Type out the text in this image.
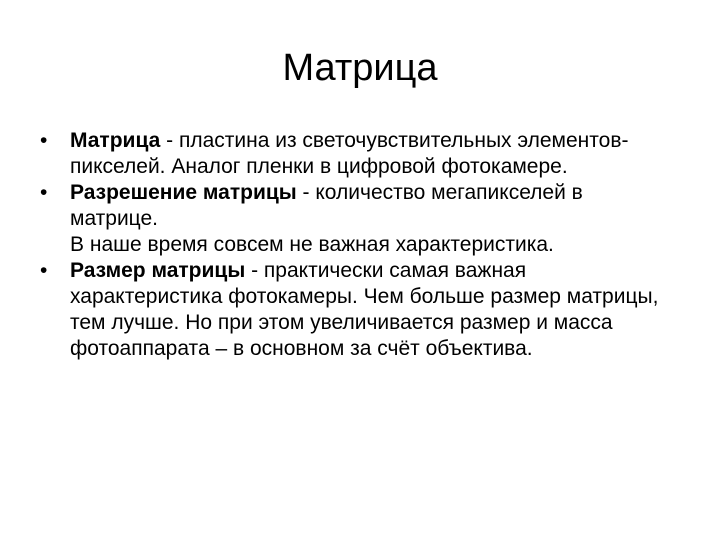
Матрица
•	Матрица - пластина из светочувствительных элементов-пикселей. Аналог пленки в цифровой фотокамере.
•	Разрешение матрицы - количество мегапикселей в матрице.
В наше время совсем не важная характеристика.
•	Размер матрицы - практически самая важная характеристика фотокамеры. Чем больше размер матрицы, тем лучше. Но при этом увеличивается размер и масса фотоаппарата – в основном за счёт объектива.
